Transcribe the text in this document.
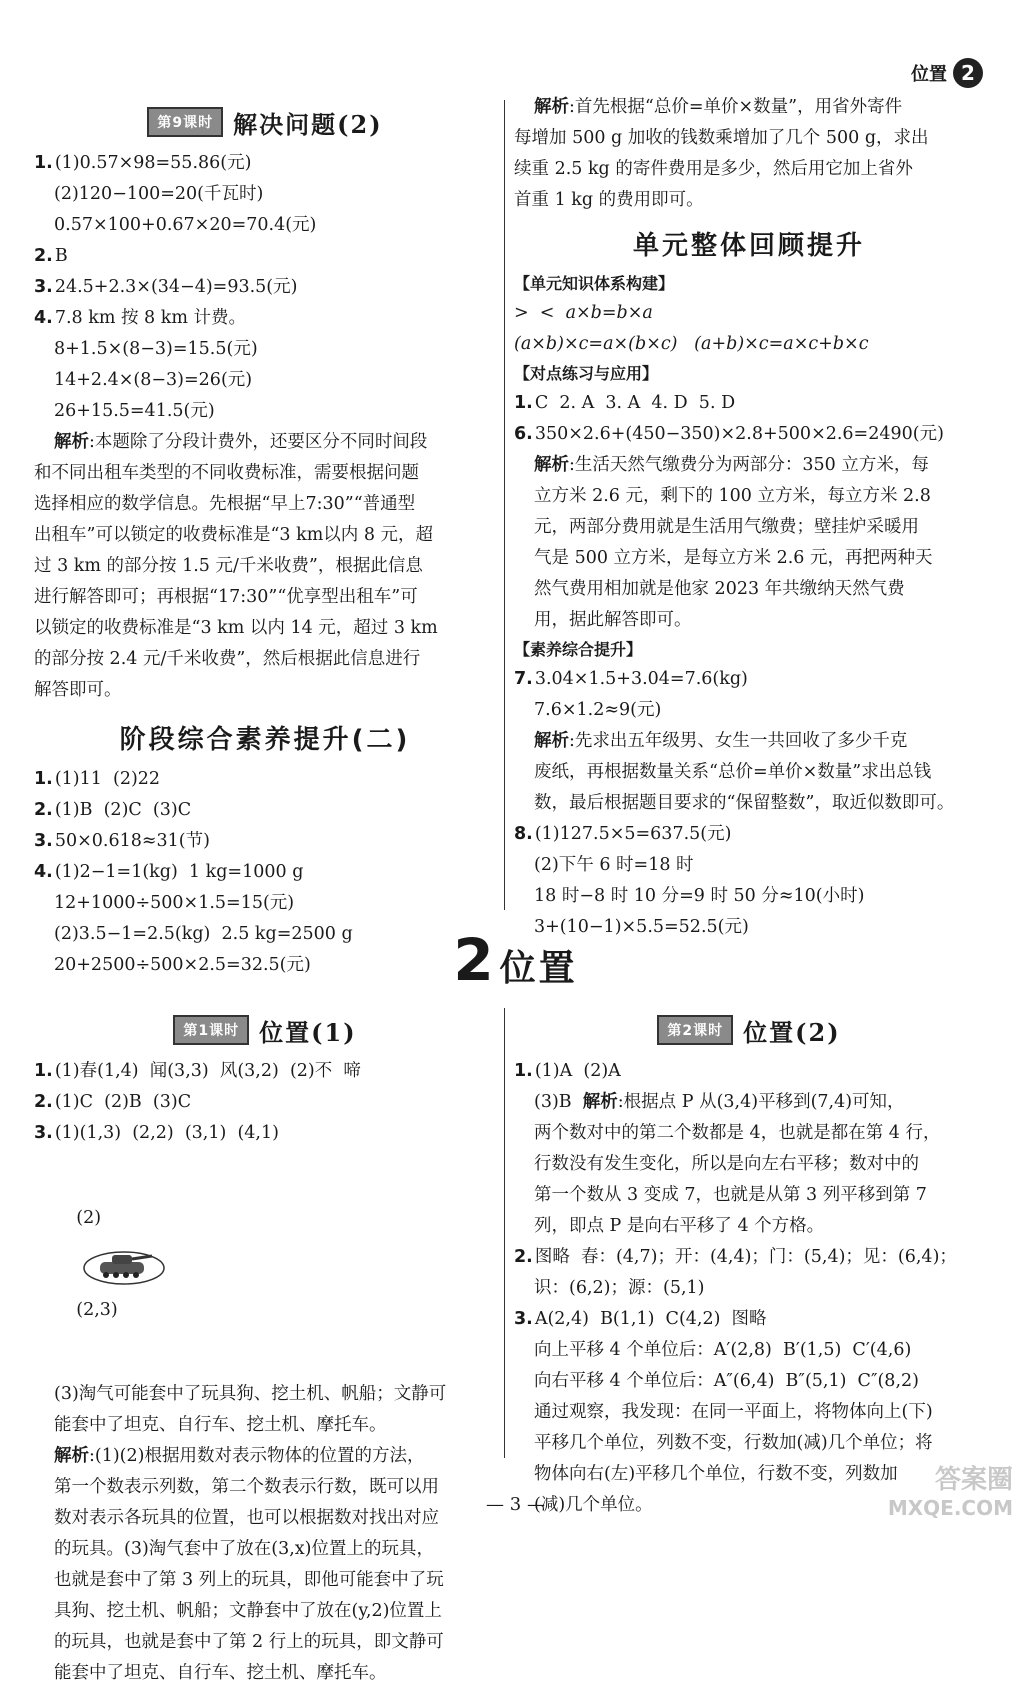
位置 2
第9课时 解决问题(2)
1. (1)0.57×98=55.86(元)
(2)120−100=20(千瓦时)
0.57×100+0.67×20=70.4(元)
2. B
3. 24.5+2.3×(34−4)=93.5(元)
4. 7.8 km 按 8 km 计费。
8+1.5×(8−3)=15.5(元)
14+2.4×(8−3)=26(元)
26+15.5=41.5(元)
解析:本题除了分段计费外，还要区分不同时间段
和不同出租车类型的不同收费标准，需要根据问题
选择相应的数学信息。先根据“早上7:30”“普通型
出租车”可以锁定的收费标准是“3 km以内 8 元，超
过 3 km 的部分按 1.5 元/千米收费”，根据此信息
进行解答即可；再根据“17:30”“优享型出租车”可
以锁定的收费标准是“3 km 以内 14 元，超过 3 km
的部分按 2.4 元/千米收费”，然后根据此信息进行
解答即可。
阶段综合素养提升(二)
1. (1)11  (2)22
2. (1)B  (2)C  (3)C
3. 50×0.618≈31(节)
4. (1)2−1=1(kg)  1 kg=1000 g
12+1000÷500×1.5=15(元)
(2)3.5−1=2.5(kg)  2.5 kg=2500 g
20+2500÷500×2.5=32.5(元)
解析:首先根据“总价=单价×数量”，用省外寄件
每增加 500 g 加收的钱数乘增加了几个 500 g，求出
续重 2.5 kg 的寄件费用是多少，然后用它加上省外
首重 1 kg 的费用即可。
单元整体回顾提升
【单元知识体系构建】
>  <  a×b=b×a
(a×b)×c=a×(b×c)   (a+b)×c=a×c+b×c
【对点练习与应用】
1. C  2. A  3. A  4. D  5. D
6. 350×2.6+(450−350)×2.8+500×2.6=2490(元)
解析:生活天然气缴费分为两部分：350 立方米，每
立方米 2.6 元，剩下的 100 立方米，每立方米 2.8
元，两部分费用就是生活用气缴费；壁挂炉采暖用
气是 500 立方米，是每立方米 2.6 元，再把两种天
然气费用相加就是他家 2023 年共缴纳天然气费
用，据此解答即可。
【素养综合提升】
7. 3.04×1.5+3.04=7.6(kg)
7.6×1.2≈9(元)
解析:先求出五年级男、女生一共回收了多少千克
废纸，再根据数量关系“总价=单价×数量”求出总钱
数，最后根据题目要求的“保留整数”，取近似数即可。
8. (1)127.5×5=637.5(元)
(2)下午 6 时=18 时
18 时−8 时 10 分=9 时 50 分≈10(小时)
3+(10−1)×5.5=52.5(元)
2 位置
第1课时 位置(1)
1. (1)春(1,4)  闻(3,3)  风(3,2)  (2)不  啼
2. (1)C  (2)B  (3)C
3. (1)(1,3)  (2,2)  (3,1)  (4,1)

(2)

(2,3)

(3)淘气可能套中了玩具狗、挖土机、帆船；文静可
能套中了坦克、自行车、挖土机、摩托车。
解析:(1)(2)根据用数对表示物体的位置的方法，
第一个数表示列数，第二个数表示行数，既可以用
数对表示各玩具的位置，也可以根据数对找出对应
的玩具。(3)淘气套中了放在(3,x)位置上的玩具，
也就是套中了第 3 列上的玩具，即他可能套中了玩
具狗、挖土机、帆船；文静套中了放在(y,2)位置上
的玩具，也就是套中了第 2 行上的玩具，即文静可
能套中了坦克、自行车、挖土机、摩托车。
第2课时 位置(2)
1. (1)A  (2)A
(3)B  解析:根据点 P 从(3,4)平移到(7,4)可知，
两个数对中的第二个数都是 4，也就是都在第 4 行，
行数没有发生变化，所以是向左右平移；数对中的
第一个数从 3 变成 7，也就是从第 3 列平移到第 7
列，即点 P 是向右平移了 4 个方格。
2. 图略  春：(4,7)；开：(4,4)；门：(5,4)；见：(6,4)；
识：(6,2)；源：(5,1)
3. A(2,4)  B(1,1)  C(4,2)  图略
向上平移 4 个单位后：A′(2,8)  B′(1,5)  C′(4,6)
向右平移 4 个单位后：A″(6,4)  B″(5,1)  C″(8,2)
通过观察，我发现：在同一平面上，将物体向上(下)
平移几个单位，列数不变，行数加(减)几个单位；将
物体向右(左)平移几个单位，行数不变，列数加
(减)几个单位。
— 3 —
答案圈
MXQE.COM
